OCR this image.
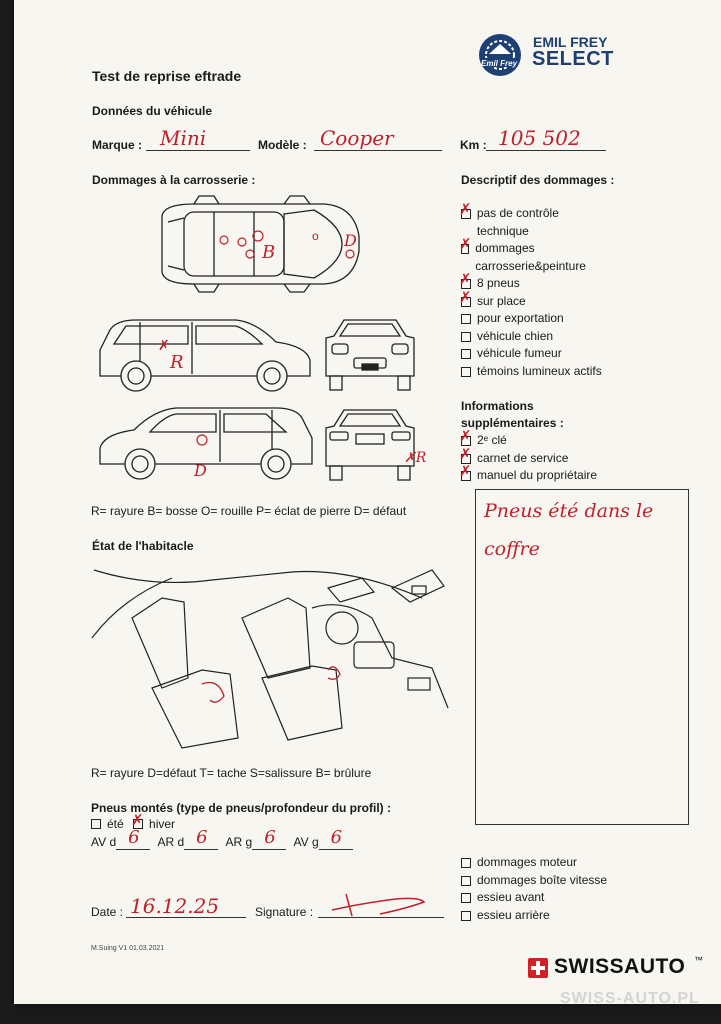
Emil Frey
EMIL FREY
SELECT
Test de reprise eftrade
Données du véhicule
Marque : Mini	Modèle : Cooper	Km : 105 502
Dommages à la carrosserie :
B
D
o
R
✗
D
✗R
R= rayure B= bosse O= rouille P= éclat de pierre D= défaut
État de l'habitacle
R= rayure D=défaut T= tache S=salissure B= brûlure
Pneus montés (type de pneus/profondeur du profil) :
été ✗ hiver
AV d 6 AR d 6 AR g 6 AV g 6

Date : 16.12.25	Signature :
M.Suing V1 01.03.2021
Descriptif des dommages :
✗
pas de contrôle technique
✗
dommages carrosserie&peinture
✗
8 pneus
✗
sur place
pour exportation
véhicule chien
véhicule fumeur
témoins lumineux actifs
Informations supplémentaires :
✗
2ᵉ clé
✗
carnet de service
✗
manuel du propriétaire
Pneus été dans le coffre
dommages moteur
dommages boîte vitesse
essieu avant
essieu arrière
SWISSAUTO ™
SWISS-AUTO.PL
